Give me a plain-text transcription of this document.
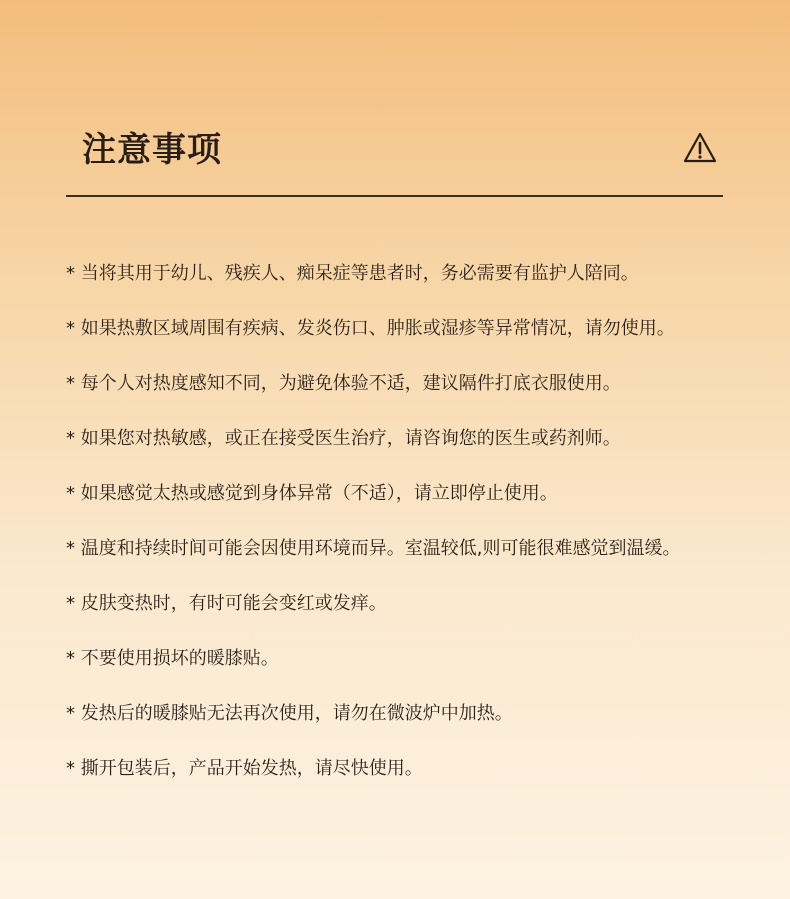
注意事项
* 当将其用于幼儿、残疾人、痴呆症等患者时，务必需要有监护人陪同。
* 如果热敷区域周围有疾病、发炎伤口、肿胀或湿疹等异常情况，请勿使用。
* 每个人对热度感知不同，为避免体验不适，建议隔件打底衣服使用。
* 如果您对热敏感，或正在接受医生治疗，请咨询您的医生或药剂师。
* 如果感觉太热或感觉到身体异常（不适），请立即停止使用。
* 温度和持续时间可能会因使用环境而异。室温较低,则可能很难感觉到温缓。
* 皮肤变热时，有时可能会变红或发痒。
* 不要使用损坏的暖膝贴。
* 发热后的暖膝贴无法再次使用，请勿在微波炉中加热。
* 撕开包装后，产品开始发热，请尽快使用。
